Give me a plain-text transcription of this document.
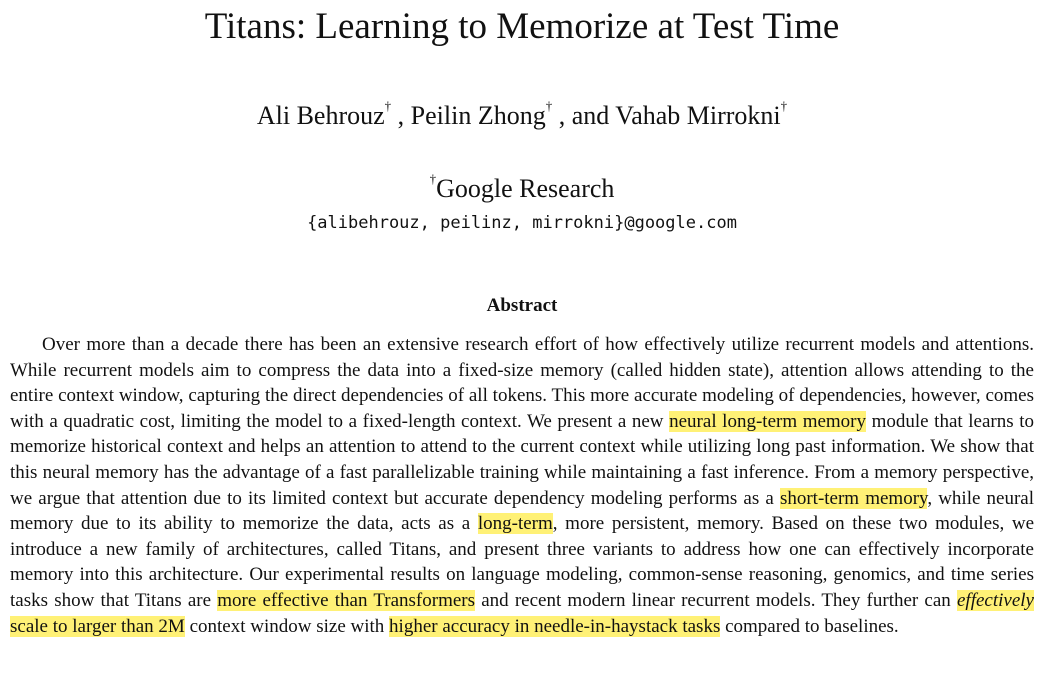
Titans: Learning to Memorize at Test Time
Ali Behrouz† , Peilin Zhong† , and Vahab Mirrokni†
†Google Research
{alibehrouz, peilinz, mirrokni}@google.com
Abstract

Over more than a decade there has been an extensive research effort of how effectively utilize recurrent models and attentions. While recurrent models aim to compress the data into a fixed-size memory (called hidden state), attention allows attending to the entire context window, capturing the direct dependencies of all tokens. This more accurate modeling of dependencies, however, comes with a quadratic cost, limiting the model to a fixed-length context. We present a new neural long-term memory module that learns to memorize historical context and helps an attention to attend to the current context while utilizing long past information. We show that this neural memory has the advantage of a fast parallelizable training while maintaining a fast inference. From a memory perspective, we argue that attention due to its limited context but accurate dependency modeling performs as a short-term memory, while neural memory due to its ability to memorize the data, acts as a long-term, more persistent, memory. Based on these two modules, we introduce a new family of architectures, called Titans, and present three variants to address how one can effectively incorporate memory into this architecture. Our experimental results on language modeling, common-sense reasoning, genomics, and time series tasks show that Titans are more effective than Transformers and recent modern linear recurrent models. They further can effectively scale to larger than 2M context window size with higher accuracy in needle-in-haystack tasks compared to baselines.
